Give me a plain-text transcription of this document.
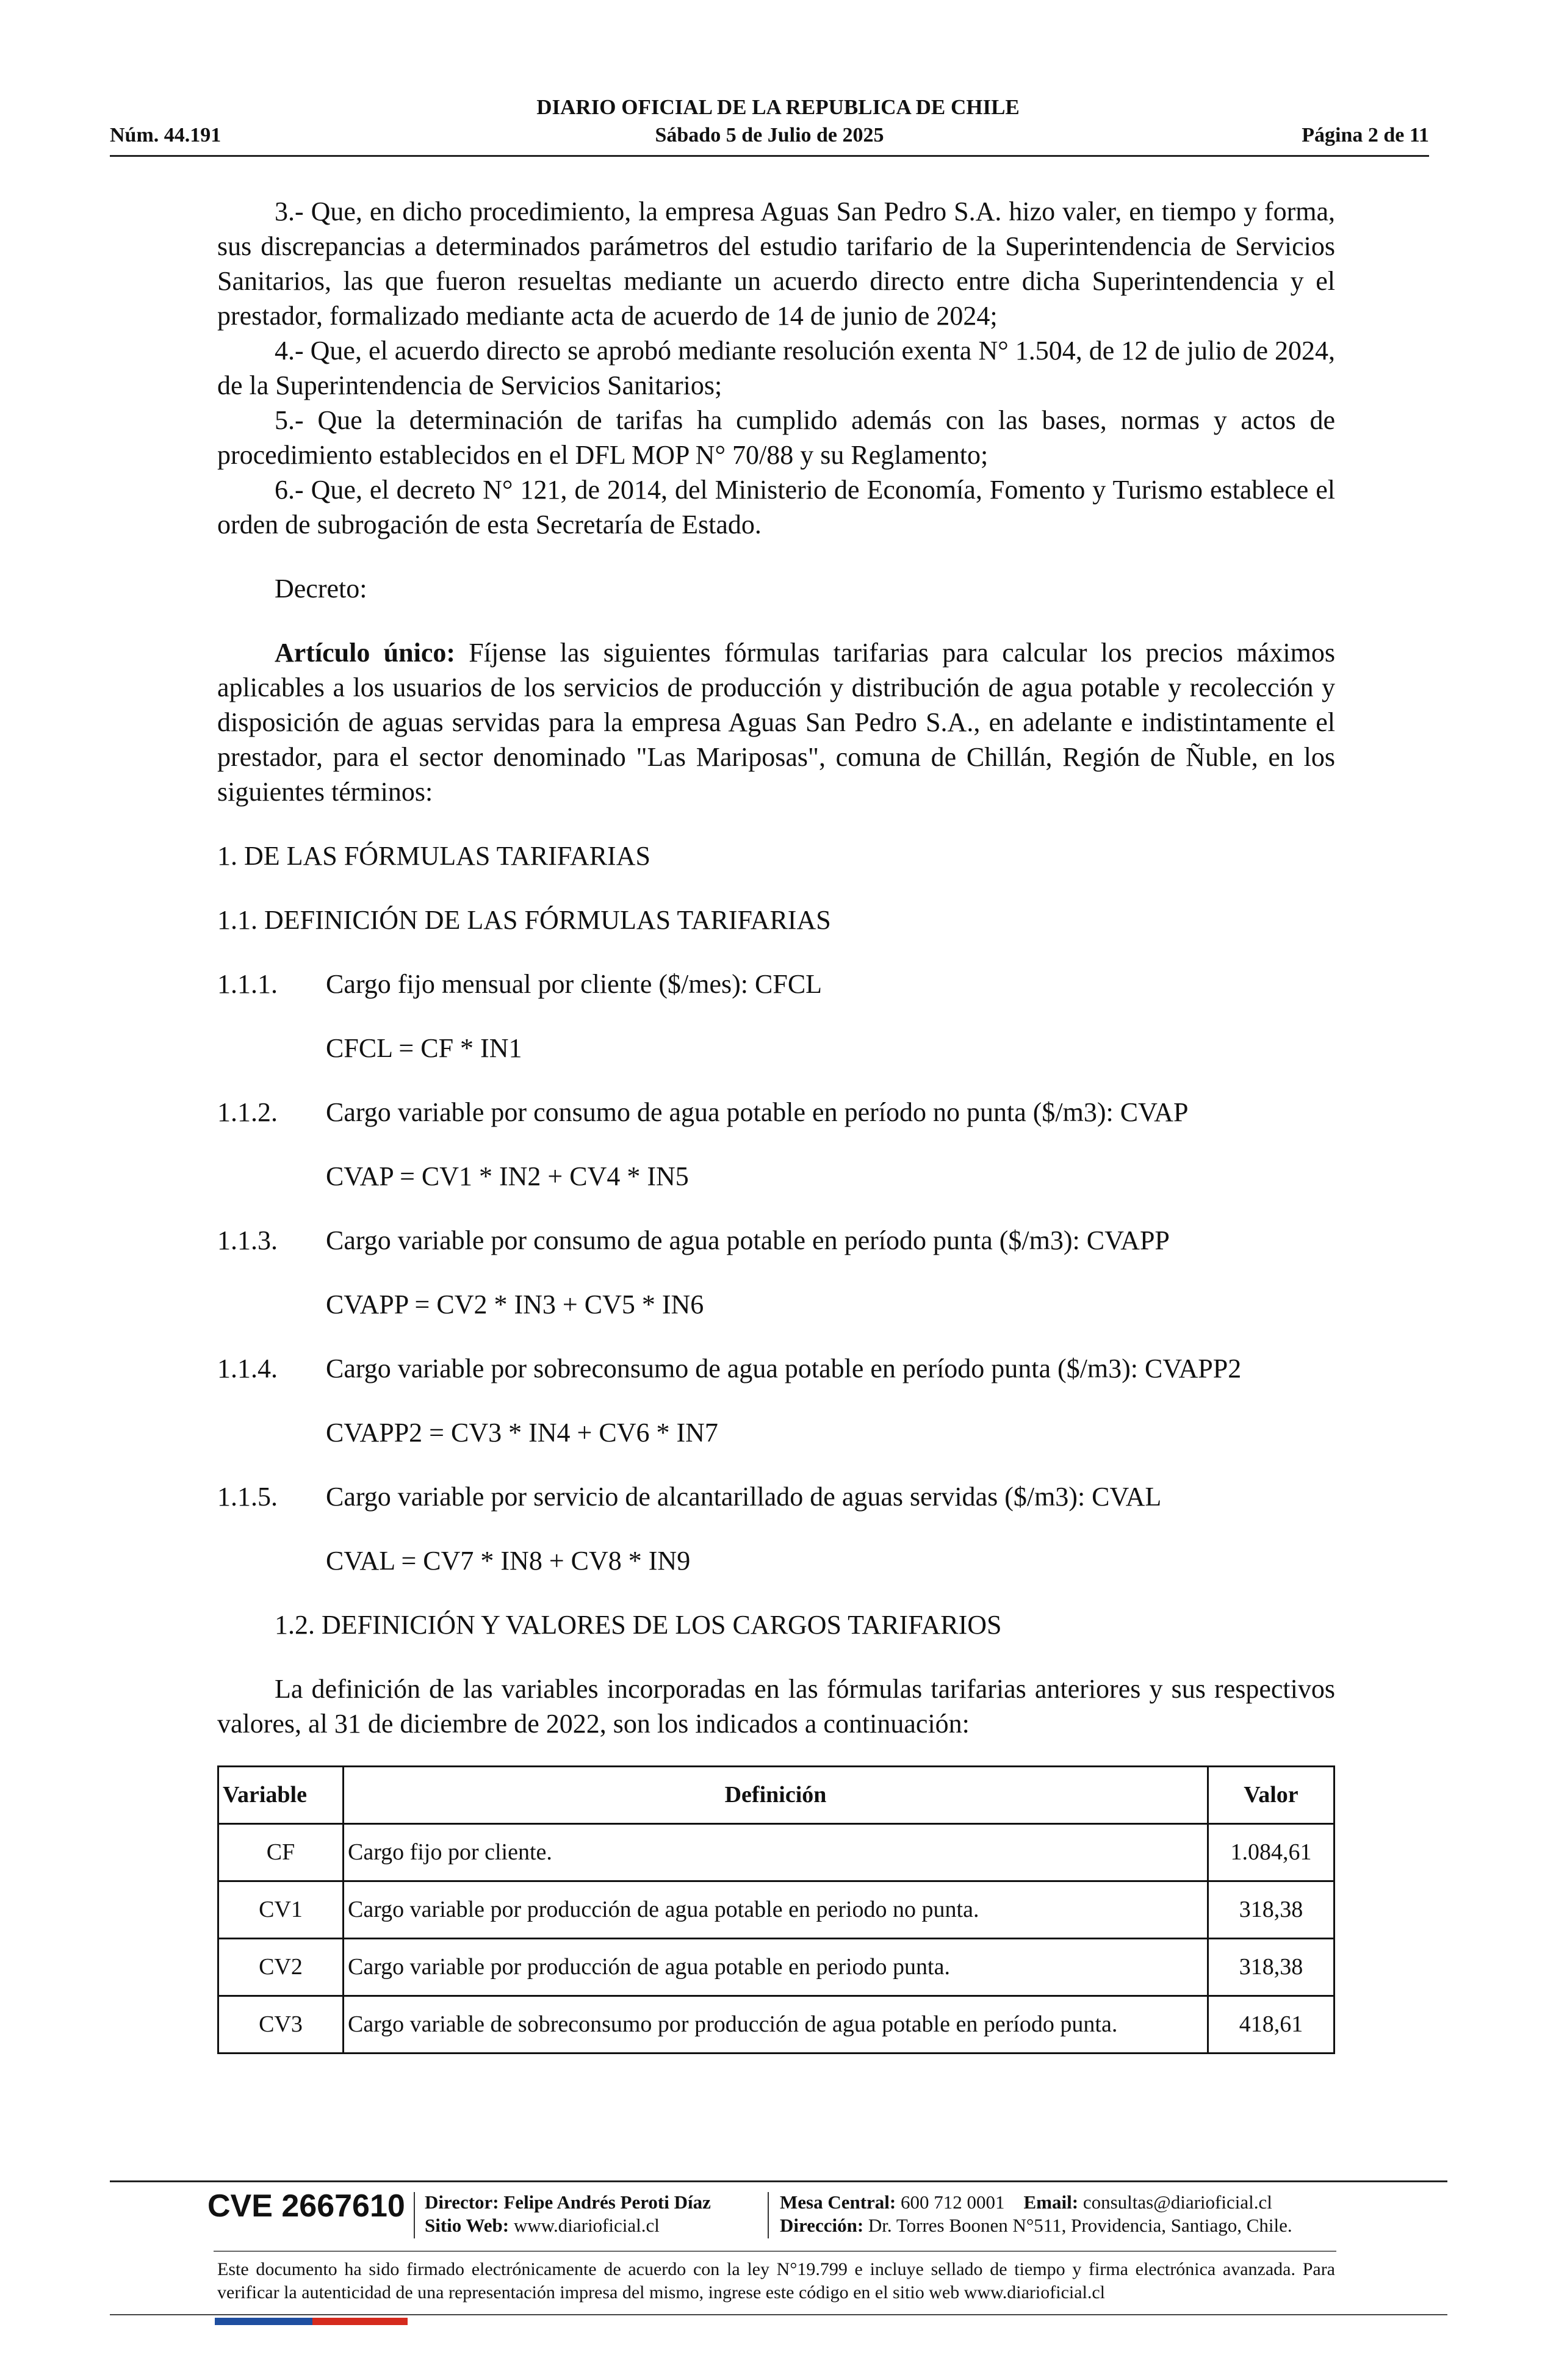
DIARIO OFICIAL DE LA REPUBLICA DE CHILE
Núm. 44.191	Sábado 5 de Julio de 2025	Página 2 de 11

3.- Que, en dicho procedimiento, la empresa Aguas San Pedro S.A. hizo valer, en tiempo y forma, sus discrepancias a determinados parámetros del estudio tarifario de la Superintendencia de Servicios Sanitarios, las que fueron resueltas mediante un acuerdo directo entre dicha Superintendencia y el prestador, formalizado mediante acta de acuerdo de 14 de junio de 2024;

4.- Que, el acuerdo directo se aprobó mediante resolución exenta N° 1.504, de 12 de julio de 2024, de la Superintendencia de Servicios Sanitarios;

5.- Que la determinación de tarifas ha cumplido además con las bases, normas y actos de procedimiento establecidos en el DFL MOP N° 70/88 y su Reglamento;

6.- Que, el decreto N° 121, de 2014, del Ministerio de Economía, Fomento y Turismo establece el orden de subrogación de esta Secretaría de Estado.

Decreto:

Artículo único: Fíjense las siguientes fórmulas tarifarias para calcular los precios máximos aplicables a los usuarios de los servicios de producción y distribución de agua potable y recolección y disposición de aguas servidas para la empresa Aguas San Pedro S.A., en adelante e indistintamente el prestador, para el sector denominado "Las Mariposas", comuna de Chillán, Región de Ñuble, en los siguientes términos:

1. DE LAS FÓRMULAS TARIFARIAS

1.1. DEFINICIÓN DE LAS FÓRMULAS TARIFARIAS

1.1.1.	Cargo fijo mensual por cliente ($/mes): CFCL
CFCL = CF * IN1
1.1.2.	Cargo variable por consumo de agua potable en período no punta ($/m3): CVAP
CVAP = CV1 * IN2 + CV4 * IN5
1.1.3.	Cargo variable por consumo de agua potable en período punta ($/m3): CVAPP
CVAPP = CV2 * IN3 + CV5 * IN6
1.1.4.	Cargo variable por sobreconsumo de agua potable en período punta ($/m3): CVAPP2
CVAPP2 = CV3 * IN4 + CV6 * IN7
1.1.5.	Cargo variable por servicio de alcantarillado de aguas servidas ($/m3): CVAL
CVAL = CV7 * IN8 + CV8 * IN9

1.2. DEFINICIÓN Y VALORES DE LOS CARGOS TARIFARIOS

La definición de las variables incorporadas en las fórmulas tarifarias anteriores y sus respectivos valores, al 31 de diciembre de 2022, son los indicados a continuación:

Variable	Definición	Valor
CF	Cargo fijo por cliente.	1.084,61
CV1	Cargo variable por producción de agua potable en periodo no punta.	318,38
CV2	Cargo variable por producción de agua potable en periodo punta.	318,38
CV3	Cargo variable de sobreconsumo por producción de agua potable en período punta.	418,61
CVE 2667610 Director: Felipe Andrés Peroti Díaz
Sitio Web: www.diarioficial.cl
Mesa Central: 600 712 0001 Email: consultas@diarioficial.cl
Dirección: Dr. Torres Boonen N°511, Providencia, Santiago, Chile.
Este documento ha sido firmado electrónicamente de acuerdo con la ley N°19.799 e incluye sellado de tiempo y firma electrónica avanzada. Para verificar la autenticidad de una representación impresa del mismo, ingrese este código en el sitio web www.diarioficial.cl
